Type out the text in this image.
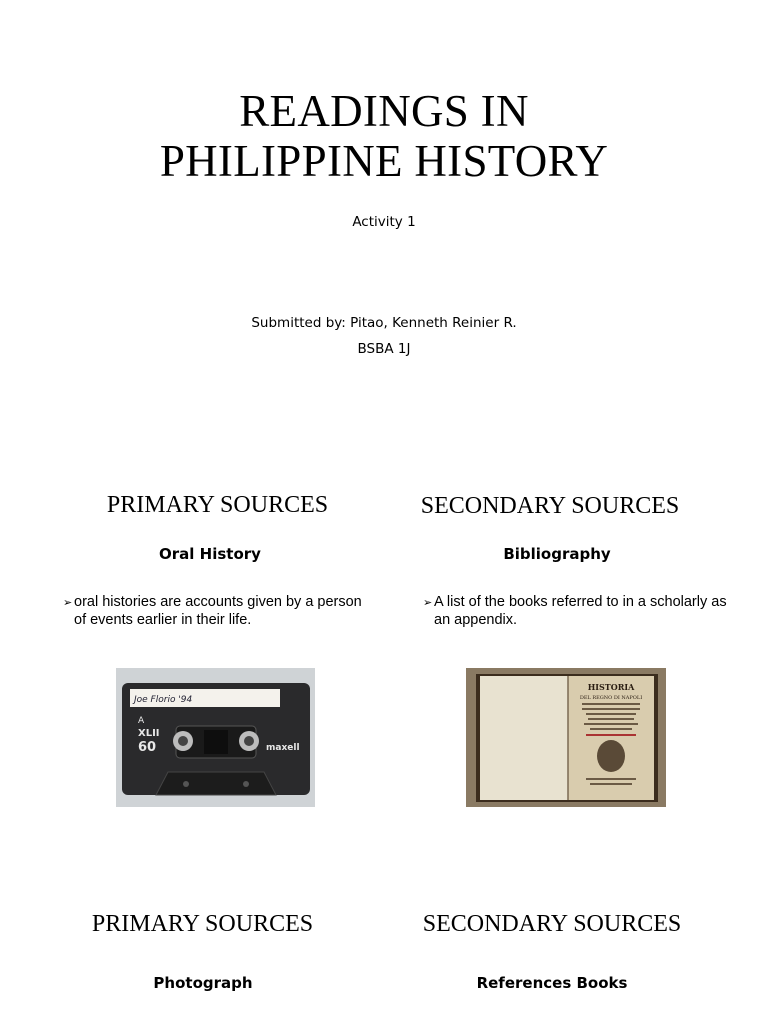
READINGS IN
PHILIPPINE HISTORY
Activity 1
Submitted by: Pitao, Kenneth Reinier R.
BSBA 1J
PRIMARY SOURCES
Oral History
➢ oral histories are accounts given by a person of events earlier in their life.
Joe Florio '94
A
XLII
60	maxell
SECONDARY SOURCES
Bibliography
➢ A list of the books referred to in a scholarly as an appendix.
HISTORIA
DEL REGNO DI NAPOLI
PRIMARY SOURCES
Photograph
SECONDARY SOURCES
References Books
